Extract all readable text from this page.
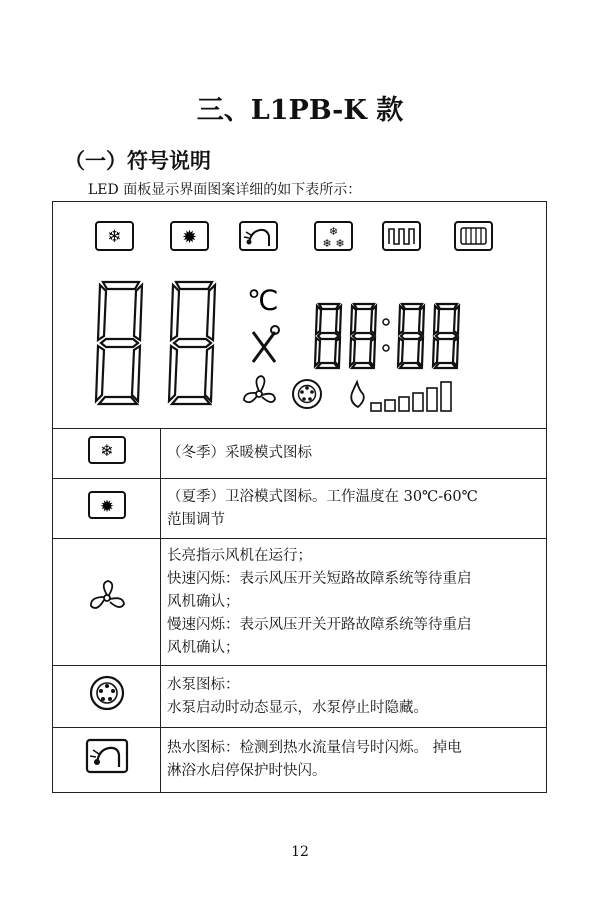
三、L1PB-K 款
（一）符号说明
LED 面板显示界面图案详细的如下表所示：
❄	✹	❄
❄ ❄
℃
❄	（冬季）采暖模式图标

✹	（夏季）卫浴模式图标。工作温度在 30℃-60℃
范围调节

长亮指示风机在运行；
快速闪烁：表示风压开关短路故障系统等待重启
风机确认；
慢速闪烁：表示风压开关开路故障系统等待重启
风机确认；

水泵图标：
水泵启动时动态显示，水泵停止时隐藏。

热水图标：检测到热水流量信号时闪烁。 掉电
淋浴水启停保护时快闪。
12
